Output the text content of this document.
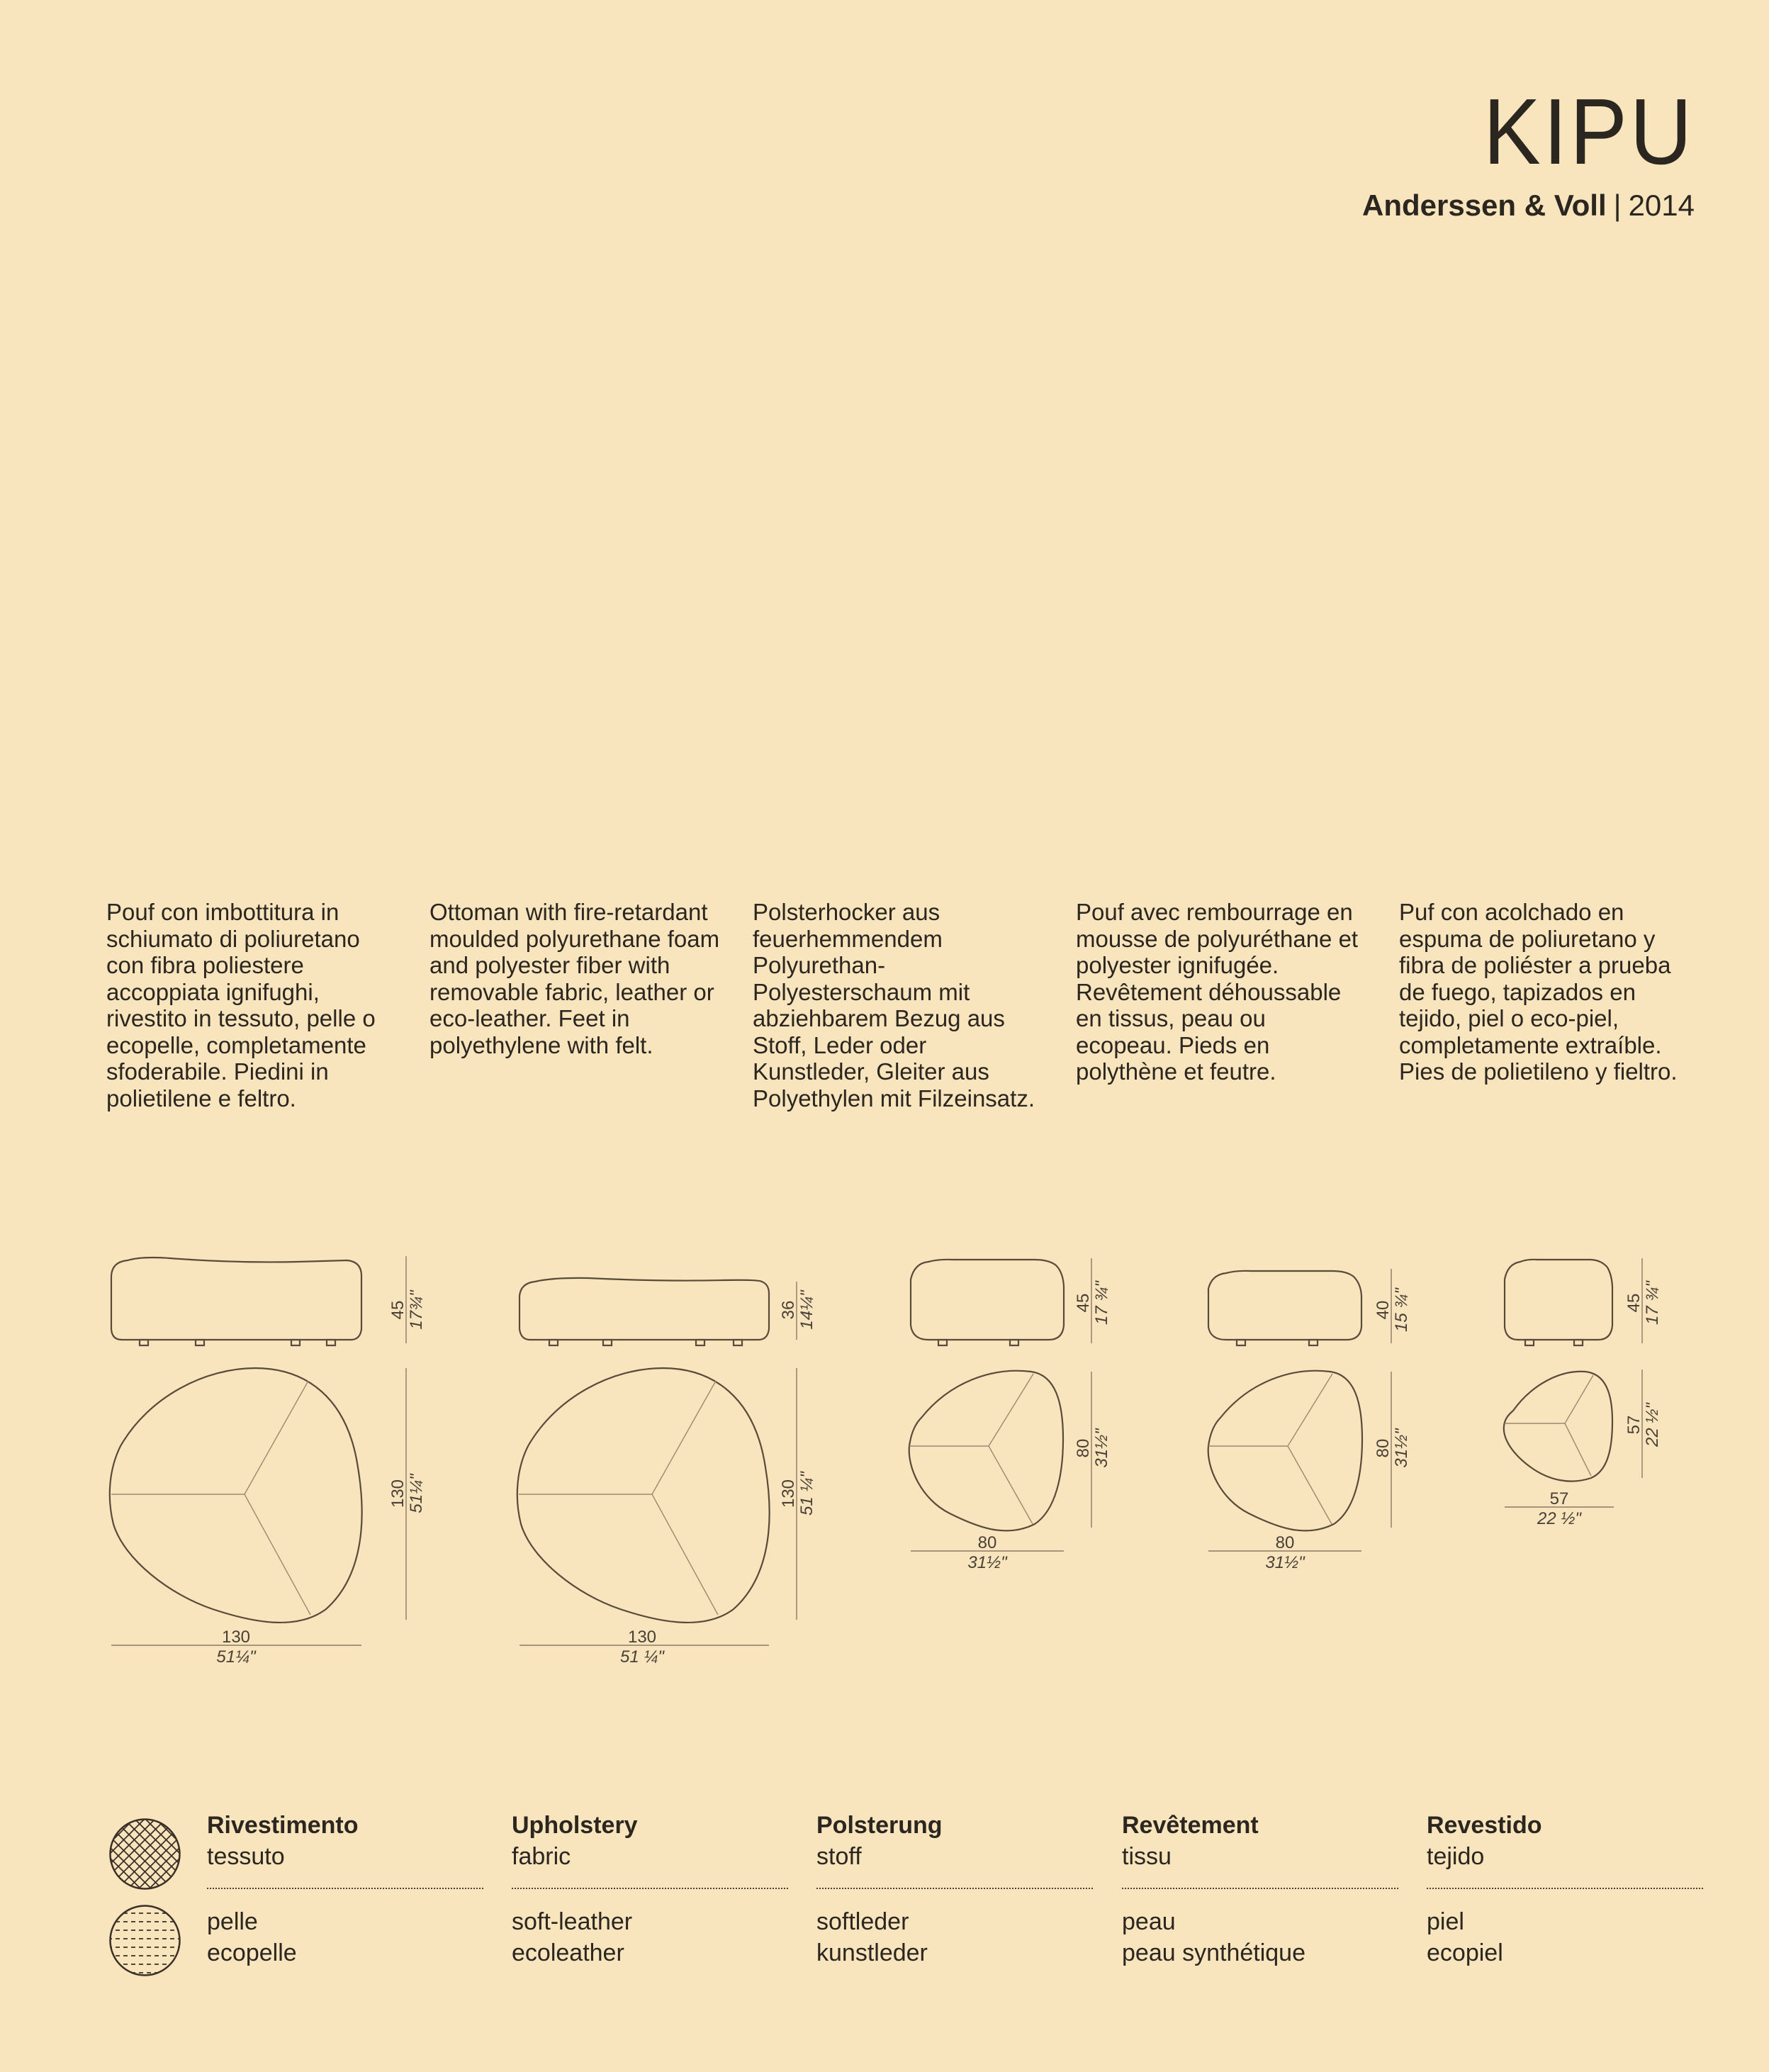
KIPU
Anderssen & Voll | 2014
Pouf con imbottitura in schiumato di poliuretano con fibra poliestere accoppiata ignifughi, rivestito in tessuto, pelle o ecopelle, completamente sfoderabile. Piedini in polietilene e feltro.
Ottoman with fire-retardant moulded polyurethane foam and polyester fiber with removable fabric, leather or eco-leather. Feet in polyethylene with felt.
Polsterhocker aus feuerhemmendem Polyurethan-Polyesterschaum mit abziehbarem Bezug aus Stoff, Leder oder Kunstleder, Gleiter aus Polyethylen mit Filzeinsatz.
Pouf avec rembourrage en mousse de polyuréthane et polyester ignifugée. Revêtement déhoussable en tissus, peau ou ecopeau. Pieds en polythène et feutre.
Puf con acolchado en espuma de poliuretano y fibra de poliéster a prueba de fuego, tapizados en tejido, piel o eco-piel, completamente extraíble. Pies de polietileno y fieltro.
45 17¾"
130 51¼"
130
51¼"
36 14¼"
130 51 ¼"
130
51 ¼"
45 17 ¾"
80 31½"
80
31½"
40 15 ¾"
80 31½"
80
31½"
45 17 ¾"
57 22 ½"
57
22 ½"
Rivestimento
tessuto
pelle
ecopelle
Upholstery
fabric
soft-leather
ecoleather
Polsterung
stoff
softleder
kunstleder
Revêtement
tissu
peau
peau synthétique
Revestido
tejido
piel
ecopiel
